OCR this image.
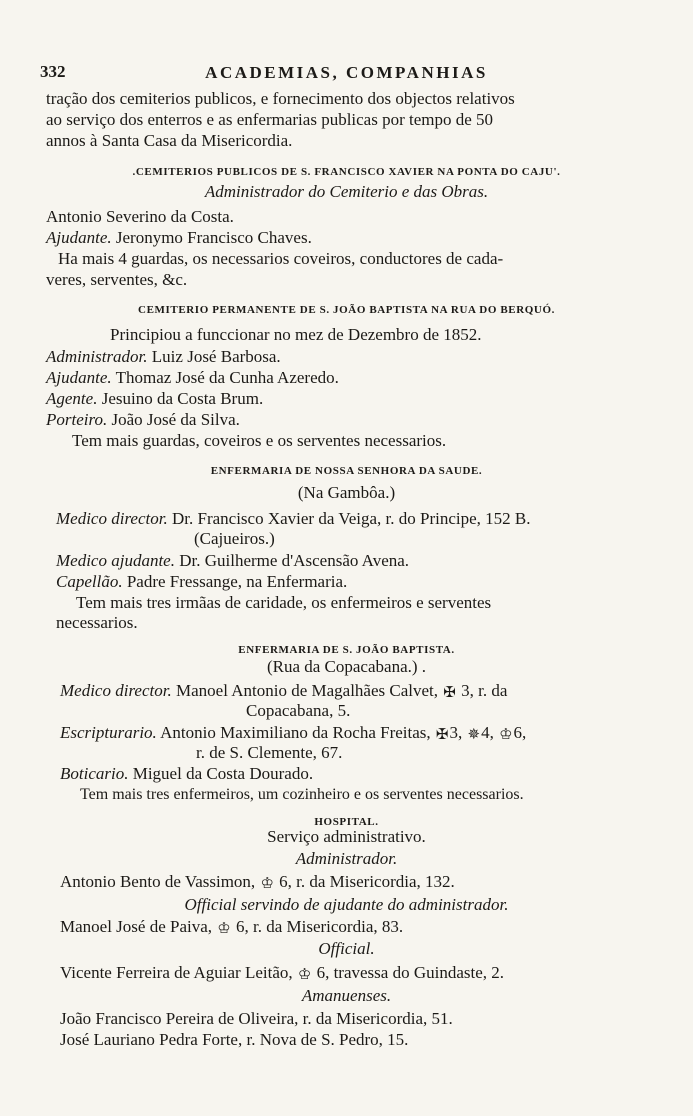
332	ACADEMIAS, COMPANHIAS
tração dos cemiterios publicos, e fornecimento dos objectos relativos
ao serviço dos enterros e as enfermarias publicas por tempo de 50
annos à Santa Casa da Misericordia.
.CEMITERIOS PUBLICOS DE S. FRANCISCO XAVIER NA PONTA DO CAJU'.
Administrador do Cemiterio e das Obras.
Antonio Severino da Costa.
Ajudante. Jeronymo Francisco Chaves.
Ha mais 4 guardas, os necessarios coveiros, conductores de cada-
veres, serventes, &c.
CEMITERIO PERMANENTE DE S. JOÃO BAPTISTA NA RUA DO BERQUÓ.
Principiou a funccionar no mez de Dezembro de 1852.
Administrador. Luiz José Barbosa.
Ajudante. Thomaz José da Cunha Azeredo.
Agente. Jesuino da Costa Brum.
Porteiro. João José da Silva.
Tem mais guardas, coveiros e os serventes necessarios.
ENFERMARIA DE NOSSA SENHORA DA SAUDE.
(Na Gambôa.)
Medico director. Dr. Francisco Xavier da Veiga, r. do Principe, 152 B.
(Cajueiros.)
Medico ajudante. Dr. Guilherme d'Ascensão Avena.
Capellão. Padre Fressange, na Enfermaria.
Tem mais tres irmãas de caridade, os enfermeiros e serventes
necessarios.
ENFERMARIA DE S. JOÃO BAPTISTA.
(Rua da Copacabana.) .
Medico director. Manoel Antonio de Magalhães Calvet, ✠ 3, r. da
Copacabana, 5.
Escripturario. Antonio Maximiliano da Rocha Freitas, ✠3, ✵4, ♔6,
r. de S. Clemente, 67.
Boticario. Miguel da Costa Dourado.
Tem mais tres enfermeiros, um cozinheiro e os serventes necessarios.
HOSPITAL.
Serviço administrativo.
Administrador.
Antonio Bento de Vassimon, ♔ 6, r. da Misericordia, 132.
Official servindo de ajudante do administrador.
Manoel José de Paiva, ♔ 6, r. da Misericordia, 83.
Official.
Vicente Ferreira de Aguiar Leitão, ♔ 6, travessa do Guindaste, 2.
Amanuenses.
João Francisco Pereira de Oliveira, r. da Misericordia, 51.
José Lauriano Pedra Forte, r. Nova de S. Pedro, 15.
